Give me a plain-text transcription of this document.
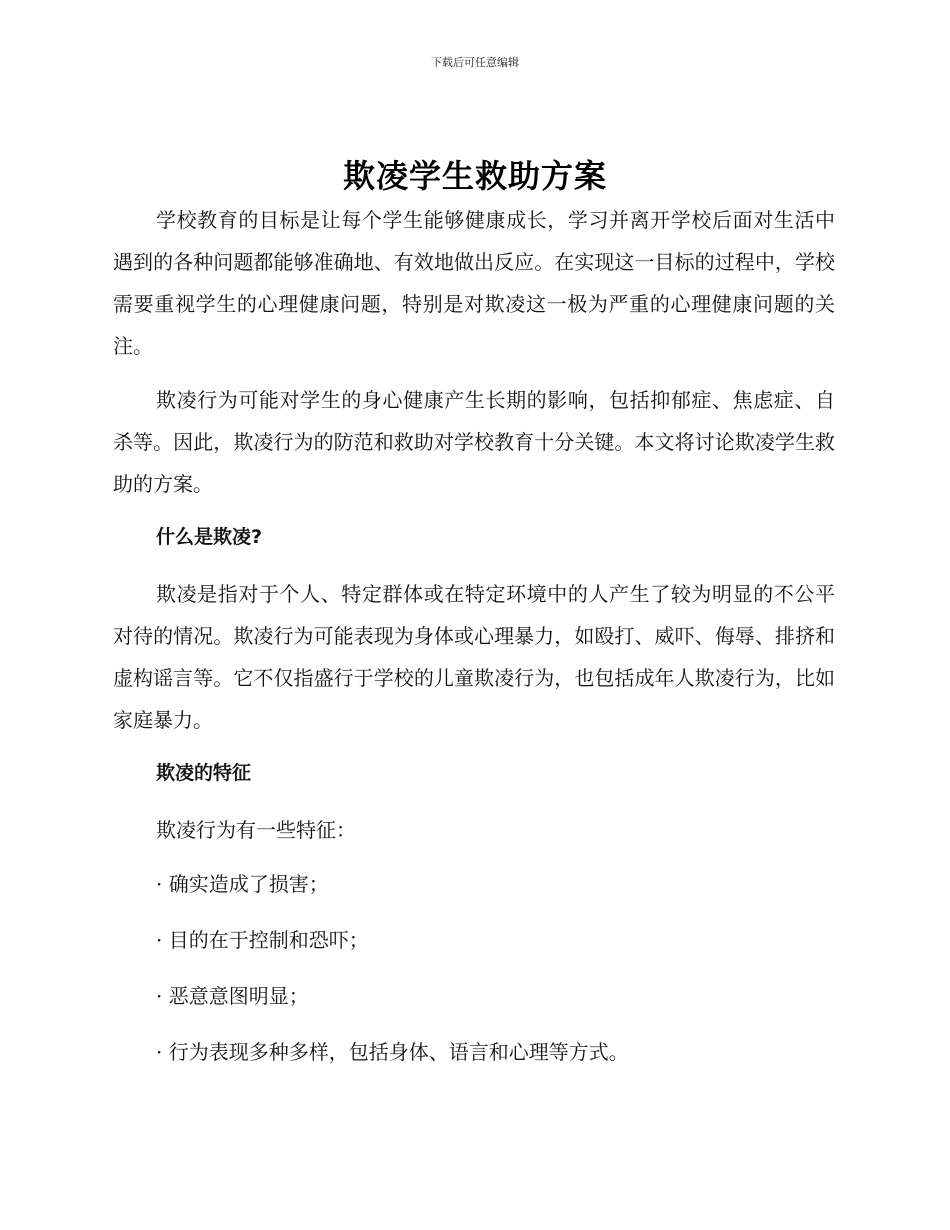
下载后可任意编辑
欺凌学生救助方案

学校教育的目标是让每个学生能够健康成长，学习并离开学校后面对生活中遇到的各种问题都能够准确地、有效地做出反应。在实现这一目标的过程中，学校需要重视学生的心理健康问题，特别是对欺凌这一极为严重的心理健康问题的关注。

欺凌行为可能对学生的身心健康产生长期的影响，包括抑郁症、焦虑症、自杀等。因此，欺凌行为的防范和救助对学校教育十分关键。本文将讨论欺凌学生救助的方案。

什么是欺凌?

欺凌是指对于个人、特定群体或在特定环境中的人产生了较为明显的不公平对待的情况。欺凌行为可能表现为身体或心理暴力，如殴打、威吓、侮辱、排挤和虚构谣言等。它不仅指盛行于学校的儿童欺凌行为，也包括成年人欺凌行为，比如家庭暴力。

欺凌的特征

欺凌行为有一些特征：

· 确实造成了损害；
· 目的在于控制和恐吓；
· 恶意意图明显；
· 行为表现多种多样，包括身体、语言和心理等方式。
